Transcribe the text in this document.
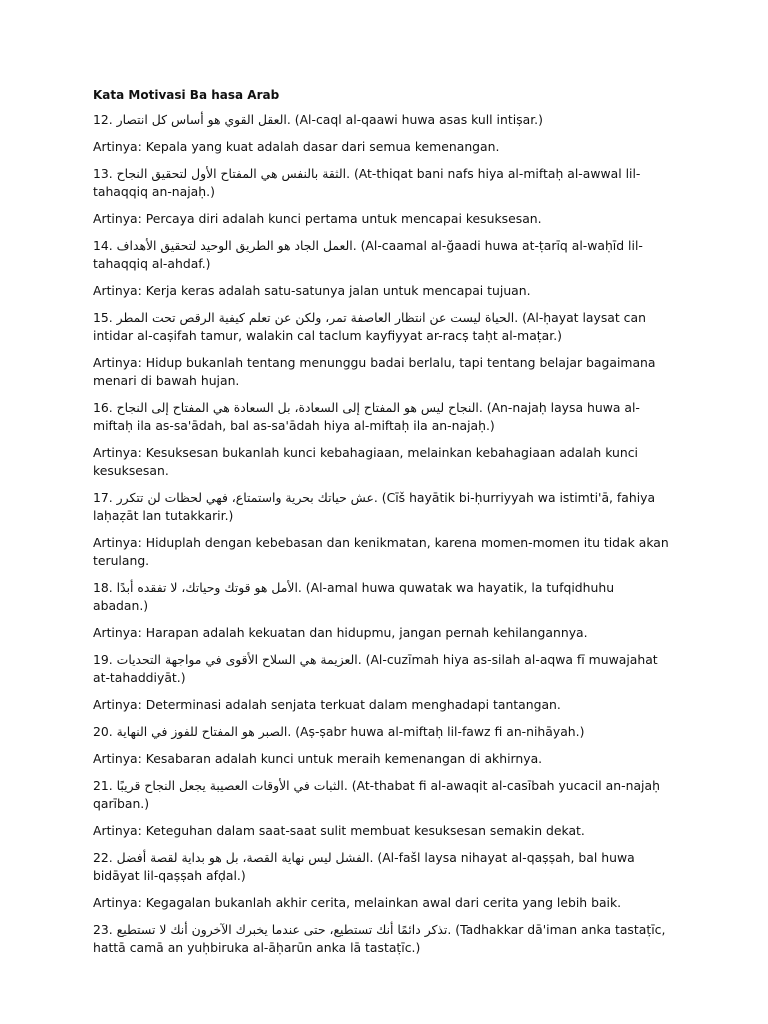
Kata Motivasi Ba hasa Arab

12. العقل القوي هو أساس كل انتصار. (Al-caql al-qaawi huwa asas kull intiṣar.)

Artinya: Kepala yang kuat adalah dasar dari semua kemenangan.

13. الثقة بالنفس هي المفتاح الأول لتحقيق النجاح. (At-thiqat bani nafs hiya al-miftaḥ al-awwal lil-tahaqqiq an-najaḥ.)

Artinya: Percaya diri adalah kunci pertama untuk mencapai kesuksesan.

14. العمل الجاد هو الطريق الوحيد لتحقيق الأهداف. (Al-caamal al-ğaadi huwa at-ṭarīq al-waḥīd lil-tahaqqiq al-ahdaf.)

Artinya: Kerja keras adalah satu-satunya jalan untuk mencapai tujuan.

15. الحياة ليست عن انتظار العاصفة تمر، ولكن عن تعلم كيفية الرقص تحت المطر. (Al-ḥayat laysat can intidar al-caṣifah tamur, walakin cal taclum kayfiyyat ar-racṣ taḥt al-maṭar.)

Artinya: Hidup bukanlah tentang menunggu badai berlalu, tapi tentang belajar bagaimana menari di bawah hujan.

16. النجاح ليس هو المفتاح إلى السعادة، بل السعادة هي المفتاح إلى النجاح. (An-najaḥ laysa huwa al-miftaḥ ila as-sa'ādah, bal as-sa'ādah hiya al-miftaḥ ila an-najaḥ.)

Artinya: Kesuksesan bukanlah kunci kebahagiaan, melainkan kebahagiaan adalah kunci kesuksesan.

17. عش حياتك بحرية واستمتاع، فهي لحظات لن تتكرر. (Cīš hayātik bi-ḥurriyyah wa istimti'ā, fahiya laḥaẓāt lan tutakkarir.)

Artinya: Hiduplah dengan kebebasan dan kenikmatan, karena momen-momen itu tidak akan terulang.

18. الأمل هو قوتك وحياتك، لا تفقده أبدًا. (Al-amal huwa quwatak wa hayatik, la tufqidhuhu abadan.)

Artinya: Harapan adalah kekuatan dan hidupmu, jangan pernah kehilangannya.

19. العزيمة هي السلاح الأقوى في مواجهة التحديات. (Al-cuzīmah hiya as-silah al-aqwa fī muwajahat at-tahaddiyāt.)

Artinya: Determinasi adalah senjata terkuat dalam menghadapi tantangan.

20. الصبر هو المفتاح للفوز في النهاية. (Aṣ-ṣabr huwa al-miftaḥ lil-fawz fi an-nihāyah.)

Artinya: Kesabaran adalah kunci untuk meraih kemenangan di akhirnya.

21. الثبات في الأوقات العصيبة يجعل النجاح قريبًا. (At-thabat fi al-awaqit al-casībah yucacil an-najaḥ qarīban.)

Artinya: Keteguhan dalam saat-saat sulit membuat kesuksesan semakin dekat.

22. الفشل ليس نهاية القصة، بل هو بداية لقصة أفضل. (Al-fašl laysa nihayat al-qaṣṣah, bal huwa bidāyat lil-qaṣṣah afḍal.)

Artinya: Kegagalan bukanlah akhir cerita, melainkan awal dari cerita yang lebih baik.

23. تذكر دائمًا أنك تستطيع، حتى عندما يخبرك الآخرون أنك لا تستطيع. (Tadhakkar dā'iman anka tastaṭīc, hattā camā an yuḥbiruka al-āḥarūn anka lā tastaṭīc.)
